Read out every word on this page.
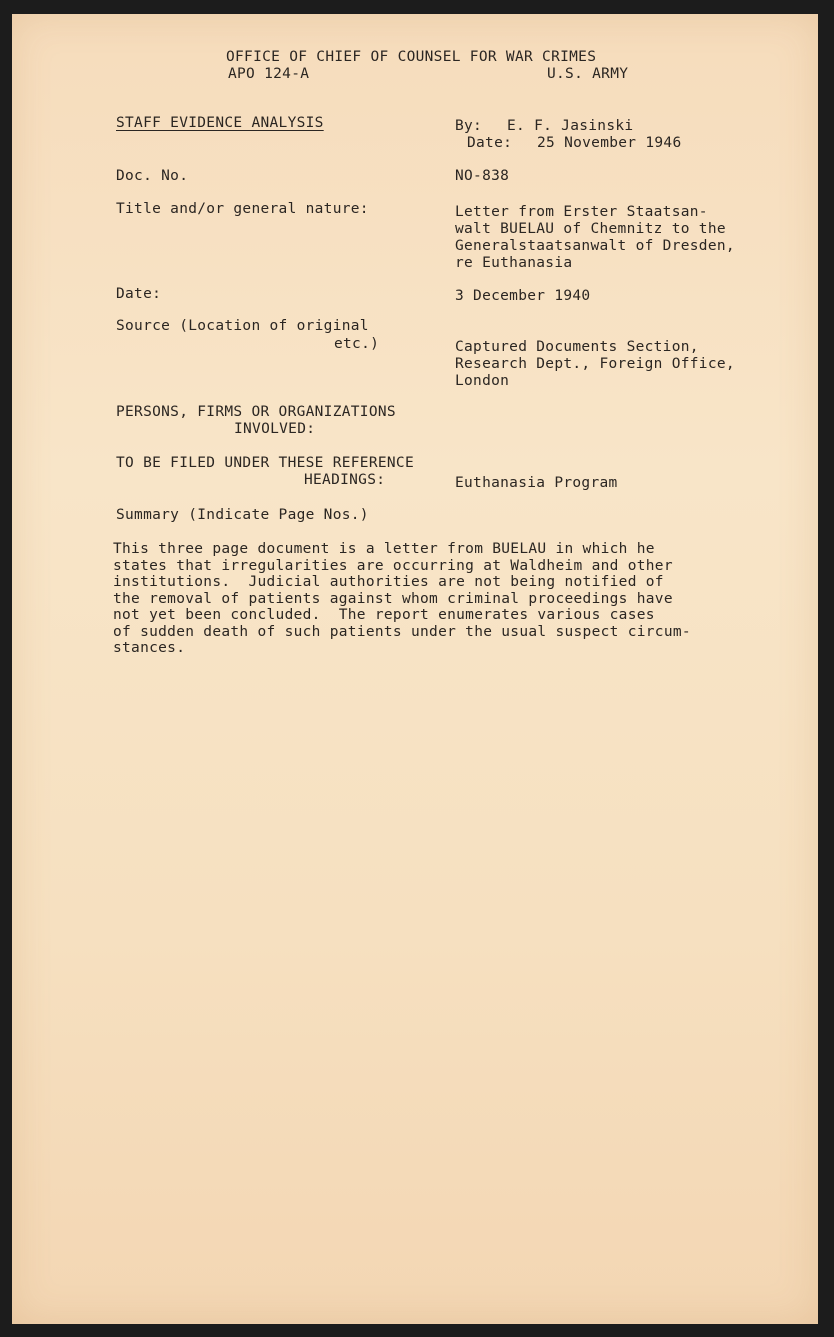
OFFICE OF CHIEF OF COUNSEL FOR WAR CRIMES
APO 124-A	U.S. ARMY
STAFF EVIDENCE ANALYSIS	By: E. F. Jasinski
Date: 25 November 1946
Doc. No.	NO-838
Title and/or general nature:	Letter from Erster Staatsan-
walt BUELAU of Chemnitz to the
Generalstaatsanwalt of Dresden,
re Euthanasia
Date:	3 December 1940
Source (Location of original
etc.)	Captured Documents Section,
Research Dept., Foreign Office,
London
PERSONS, FIRMS OR ORGANIZATIONS
INVOLVED:
TO BE FILED UNDER THESE REFERENCE
HEADINGS:	Euthanasia Program
Summary (Indicate Page Nos.)
This three page document is a letter from BUELAU in which he
states that irregularities are occurring at Waldheim and other
institutions.  Judicial authorities are not being notified of
the removal of patients against whom criminal proceedings have
not yet been concluded.  The report enumerates various cases
of sudden death of such patients under the usual suspect circum-
stances.
